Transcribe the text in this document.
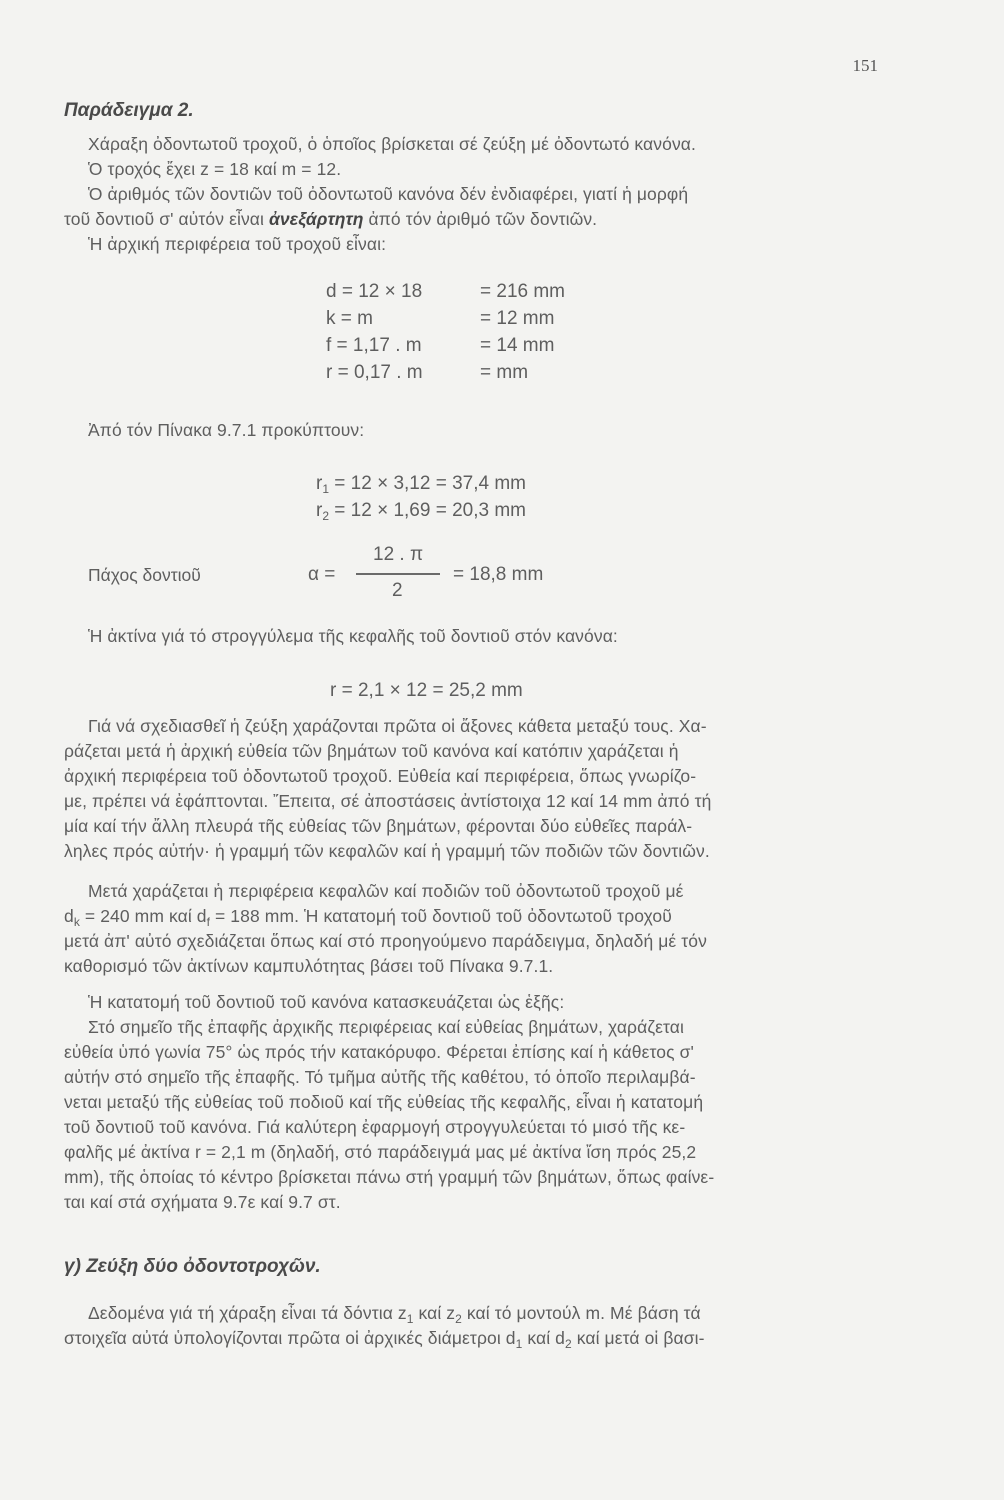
151
Παράδειγμα 2.
Χάραξη ὀδοντωτοῦ τροχοῦ, ὁ ὁποῖος βρίσκεται σέ ζεύξη μέ ὀδοντωτό κανόνα.
Ὁ τροχός ἔχει z = 18 καί m = 12.
Ὁ ἀριθμός τῶν δοντιῶν τοῦ ὀδοντωτοῦ κανόνα δέν ἐνδιαφέρει, γιατί ἡ μορφή
τοῦ δοντιοῦ σ' αὐτόν εἶναι ἀνεξάρτητη ἀπό τόν ἀριθμό τῶν δοντιῶν.
Ἡ ἀρχική περιφέρεια τοῦ τροχοῦ εἶναι:
d = 12 × 18	= 216 mm
k = m	= 12 mm
f = 1,17 . m	= 14 mm
r = 0,17 . m	= mm
Ἀπό τόν Πίνακα 9.7.1 προκύπτουν:
$r_1 = 12 \times 3,12 = 37,4$ mm
$r_2 = 12 \times 1,69 = 20,3$ mm
Πάχος δοντιοῦ	α =
12 . π
2
= 18,8 mm
Ἡ ἀκτίνα γιά τό στρογγύλεμα τῆς κεφαλῆς τοῦ δοντιοῦ στόν κανόνα:
r = 2,1 × 12 = 25,2 mm
Γιά νά σχεδιασθεῖ ἡ ζεύξη χαράζονται πρῶτα οἱ ἄξονες κάθετα μεταξύ τους. Χα-
ράζεται μετά ἡ ἀρχική εὐθεία τῶν βημάτων τοῦ κανόνα καί κατόπιν χαράζεται ἡ
ἀρχική περιφέρεια τοῦ ὀδοντωτοῦ τροχοῦ. Εὐθεία καί περιφέρεια, ὅπως γνωρίζο-
με, πρέπει νά ἐφάπτονται. Ἔπειτα, σέ ἀποστάσεις ἀντίστοιχα 12 καί 14 mm ἀπό τή
μία καί τήν ἄλλη πλευρά τῆς εὐθείας τῶν βημάτων, φέρονται δύο εὐθεῖες παράλ-
ληλες πρός αὐτήν· ἡ γραμμή τῶν κεφαλῶν καί ἡ γραμμή τῶν ποδιῶν τῶν δοντιῶν.
Μετά χαράζεται ἡ περιφέρεια κεφαλῶν καί ποδιῶν τοῦ ὀδοντωτοῦ τροχοῦ μέ
$d_k = 240$ mm καί $d_f = 188$ mm. Ἡ κατατομή τοῦ δοντιοῦ τοῦ ὀδοντωτοῦ τροχοῦ
μετά ἀπ' αὐτό σχεδιάζεται ὅπως καί στό προηγούμενο παράδειγμα, δηλαδή μέ τόν
καθορισμό τῶν ἀκτίνων καμπυλότητας βάσει τοῦ Πίνακα 9.7.1.
Ἡ κατατομή τοῦ δοντιοῦ τοῦ κανόνα κατασκευάζεται ὡς ἑξῆς:
Στό σημεῖο τῆς ἐπαφῆς ἀρχικῆς περιφέρειας καί εὐθείας βημάτων, χαράζεται
εὐθεία ὑπό γωνία 75° ὡς πρός τήν κατακόρυφο. Φέρεται ἐπίσης καί ἡ κάθετος σ'
αὐτήν στό σημεῖο τῆς ἐπαφῆς. Τό τμῆμα αὐτῆς τῆς καθέτου, τό ὁποῖο περιλαμβά-
νεται μεταξύ τῆς εὐθείας τοῦ ποδιοῦ καί τῆς εὐθείας τῆς κεφαλῆς, εἶναι ἡ κατατομή
τοῦ δοντιοῦ τοῦ κανόνα. Γιά καλύτερη ἐφαρμογή στρογγυλεύεται τό μισό τῆς κε-
φαλῆς μέ ἀκτίνα r = 2,1 m (δηλαδή, στό παράδειγμά μας μέ ἀκτίνα ἴση πρός 25,2
mm), τῆς ὁποίας τό κέντρο βρίσκεται πάνω στή γραμμή τῶν βημάτων, ὅπως φαίνε-
ται καί στά σχήματα 9.7ε καί 9.7 στ.
γ) Ζεύξη δύο ὀδοντοτροχῶν.
Δεδομένα γιά τή χάραξη εἶναι τά δόντια $z_1$ καί $z_2$ καί τό μοντούλ m. Μέ βάση τά
στοιχεῖα αὐτά ὑπολογίζονται πρῶτα οἱ ἀρχικές διάμετροι $d_1$ καί $d_2$ καί μετά οἱ βασι-
